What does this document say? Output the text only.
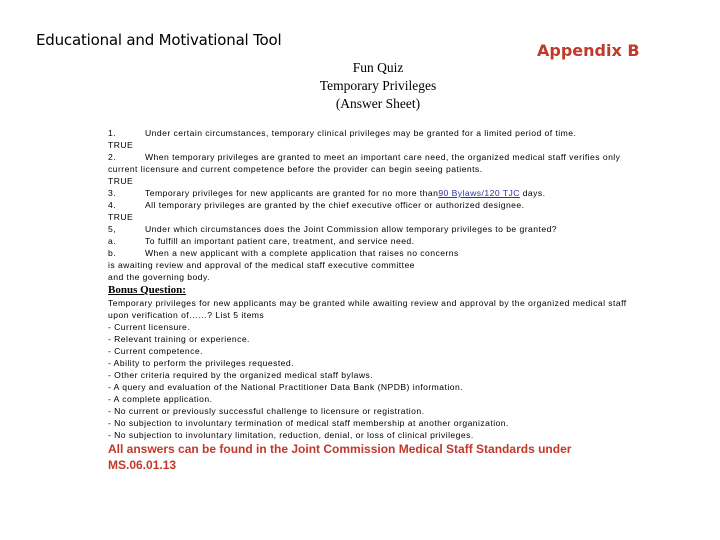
Educational and Motivational Tool
Appendix B
Fun Quiz
Temporary Privileges
(Answer Sheet)
1.	Under certain circumstances, temporary clinical privileges may be granted for a limited period of time.
TRUE
2.	When temporary privileges are granted to meet an important care need, the organized medical staff verifies only
current licensure and current competence before the provider can begin seeing patients.
TRUE
3.	Temporary privileges for new applicants are granted for no more than90 Bylaws/120 TJC days.
4.	All temporary privileges are granted by the chief executive officer or authorized designee.
TRUE
5,	Under which circumstances does the Joint Commission allow temporary privileges to be granted?
a.	To fulfill an important patient care, treatment, and service need.
b.	When a new applicant with a complete application that raises no concerns
is awaiting review and approval of the medical staff executive committee
and the governing body.
Bonus Question:
Temporary privileges for new applicants may be granted while awaiting review and approval by the organized medical staff
upon verification of……? List 5 items
- Current licensure.
- Relevant training or experience.
- Current competence.
- Ability to perform the privileges requested.
- Other criteria required by the organized medical staff bylaws.
- A query and evaluation of the National Practitioner Data Bank (NPDB) information.
- A complete application.
- No current or previously successful challenge to licensure or registration.
- No subjection to involuntary termination of medical staff membership at another organization.
- No subjection to involuntary limitation, reduction, denial, or loss of clinical privileges.
All answers can be found in the Joint Commission Medical Staff Standards under
MS.06.01.13
